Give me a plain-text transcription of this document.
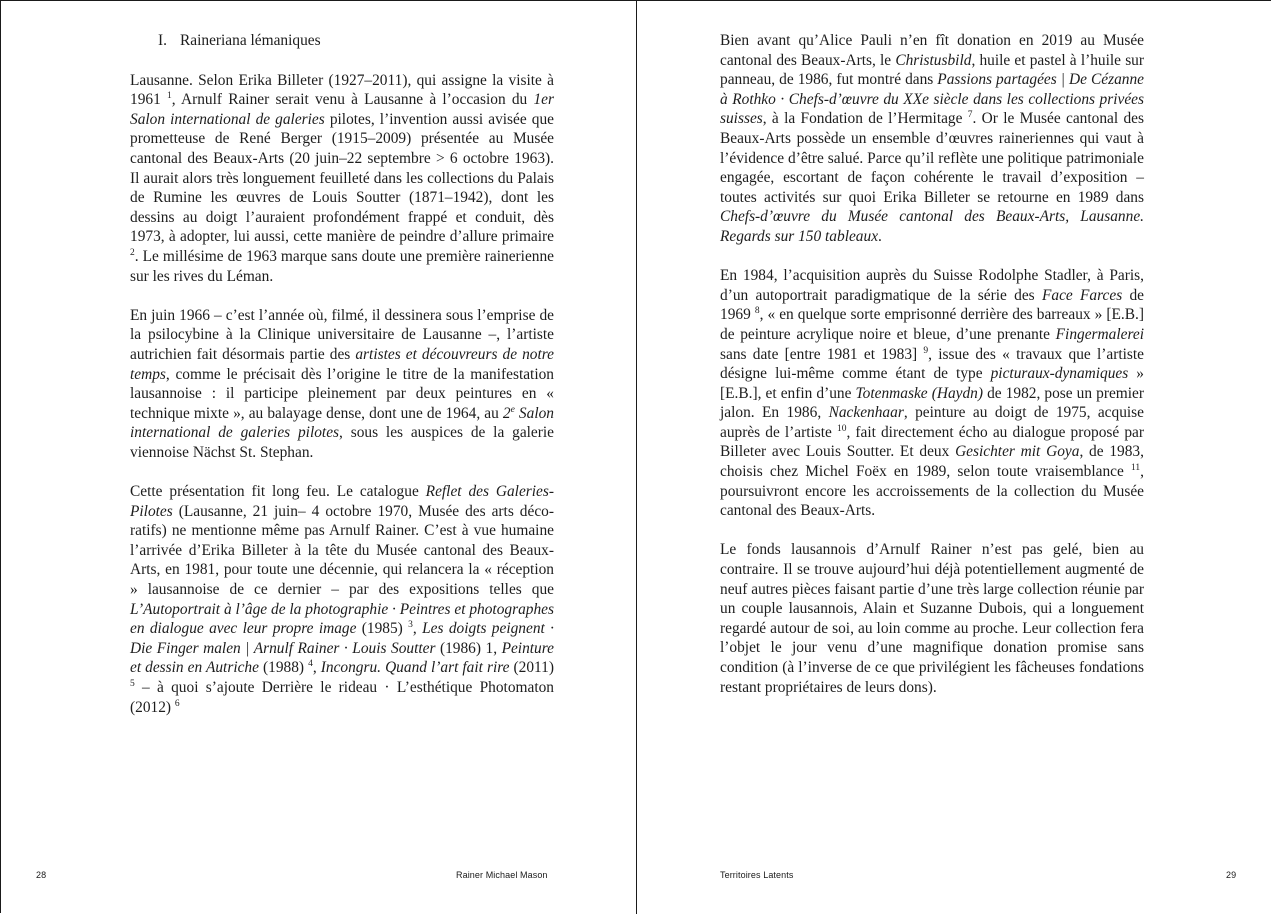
I. Raineriana lémaniques

Lausanne. Selon Erika Billeter (1927–2011), qui assigne la visite à 1961 $^1$, Arnulf Rainer serait venu à Lausanne à l’occasion du 1er Salon international de galeries pilotes, l’invention aussi avisée que prometteuse de René Berger (1915–2009) présentée au Musée cantonal des Beaux-Arts (20 juin–22 septembre > 6 octobre 1963). Il aurait alors très longuement feuilleté dans les collections du Palais de Rumine les œuvres de Louis Soutter (1871–1942), dont les dessins au doigt l’auraient profondément frappé et conduit, dès 1973, à adopter, lui aussi, cette manière de peindre d’allure primaire $^2$. Le millésime de 1963 marque sans doute une première rainerienne sur les rives du Léman.

En juin 1966 – c’est l’année où, filmé, il dessinera sous l’emprise de la psilocybine à la Clinique universitaire de Lausanne –, l’artiste autrichien fait désormais partie des artistes et découvreurs de notre temps, comme le précisait dès l’origine le titre de la manifestation lausannoise : il participe pleinement par deux peintures en « technique mixte », au balayage dense, dont une de 1964, au 2e Salon international de galeries pilotes, sous les auspices de la galerie viennoise Nächst St. Stephan.

Cette présentation fit long feu. Le catalogue Reflet des Galeries-Pilotes (Lausanne, 21 juin– 4 octobre 1970, Musée des arts décoratifs) ne mentionne même pas Arnulf Rainer. C’est à vue humaine l’arrivée d’Erika Billeter à la tête du Musée cantonal des Beaux-Arts, en 1981, pour toute une décennie, qui relancera la « réception » lausannoise de ce dernier – par des expositions telles que L’Autoportrait à l’âge de la photographie · Peintres et photographes en dialogue avec leur propre image (1985) $^3$, Les doigts peignent · Die Finger malen | Arnulf Rainer · Louis Soutter (1986) 1, Peinture et dessin en Autriche (1988) $^4$, Incongru. Quand l’art fait rire (2011) $^5$ – à quoi s’ajoute Derrière le rideau · L’esthétique Photomaton (2012) $^6$

28	Rainer Michael Mason

Bien avant qu’Alice Pauli n’en fît donation en 2019 au Musée cantonal des Beaux-Arts, le Christusbild, huile et pastel à l’huile sur panneau, de 1986, fut montré dans Passions partagées | De Cézanne à Rothko · Chefs-d’œuvre du XXe siècle dans les collections privées suisses, à la Fondation de l’Hermitage $^7$. Or le Musée cantonal des Beaux-Arts possède un ensemble d’œuvres raineriennes qui vaut à l’évidence d’être salué. Parce qu’il reflète une politique patrimoniale engagée, escortant de façon cohérente le travail d’exposition – toutes activités sur quoi Erika Billeter se retourne en 1989 dans Chefs-d’œuvre du Musée cantonal des Beaux-Arts, Lausanne. Regards sur 150 tableaux.

En 1984, l’acquisition auprès du Suisse Rodolphe Stadler, à Paris, d’un autoportrait paradigmatique de la série des Face Farces de 1969 $^8$, « en quelque sorte emprisonné derrière des barreaux » [E.B.] de peinture acrylique noire et bleue, d’une prenante Fingermalerei sans date [entre 1981 et 1983] $^9$, issue des « travaux que l’artiste désigne lui-même comme étant de type picturaux-dynamiques » [E.B.], et enfin d’une Totenmaske (Haydn) de 1982, pose un premier jalon. En 1986, Nackenhaar, peinture au doigt de 1975, acquise auprès de l’artiste $^{10}$, fait directement écho au dialogue proposé par Billeter avec Louis Soutter. Et deux Gesichter mit Goya, de 1983, choisis chez Michel Foëx en 1989, selon toute vraisemblance $^{11}$, poursuivront encore les accroissements de la collection du Musée cantonal des Beaux-Arts.

Le fonds lausannois d’Arnulf Rainer n’est pas gelé, bien au contraire. Il se trouve aujourd’hui déjà potentiellement augmenté de neuf autres pièces faisant partie d’une très large collection réunie par un couple lausannois, Alain et Suzanne Dubois, qui a longuement regardé autour de soi, au loin comme au proche. Leur collection fera l’objet le jour venu d’une magnifique donation promise sans condition (à l’inverse de ce que privilégient les fâcheuses fondations restant propriétaires de leurs dons).

Territoires Latents	29
